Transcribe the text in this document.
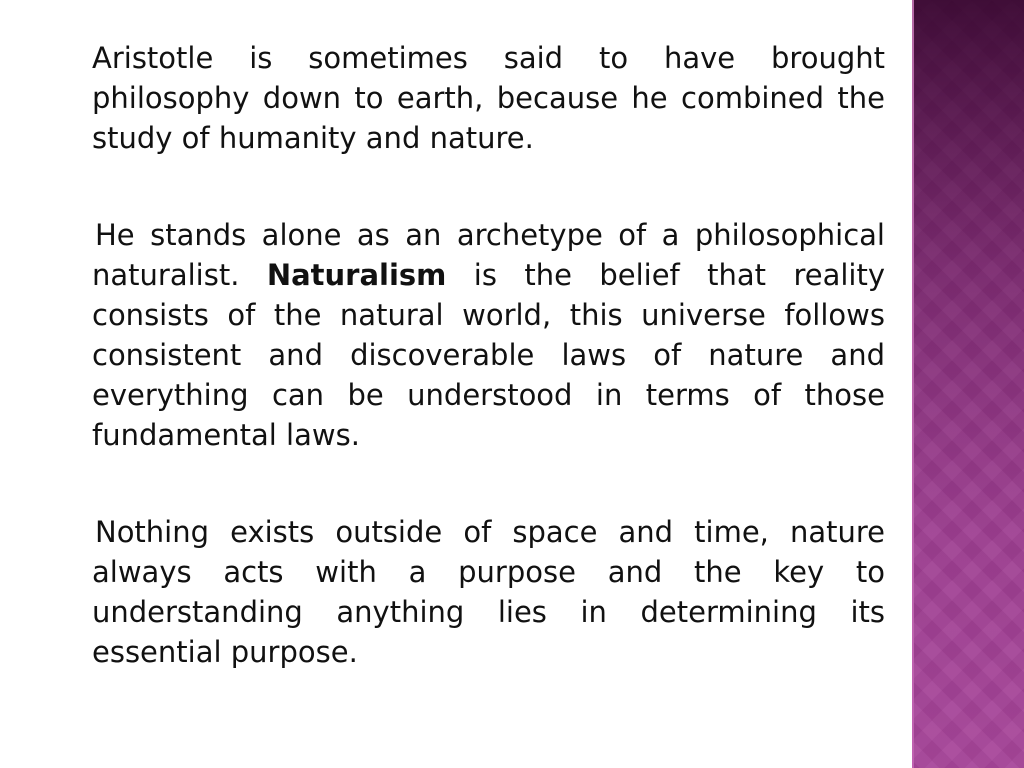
Aristotle is sometimes said to have brought philosophy down to earth, because he combined the study of humanity and nature.

He stands alone as an archetype of a philosophical naturalist. Naturalism is the belief that reality consists of the natural world, this universe follows consistent and discoverable laws of nature and everything can be understood in terms of those fundamental laws.

Nothing exists outside of space and time, nature always acts with a purpose and the key to understanding anything lies in determining its essential purpose.
